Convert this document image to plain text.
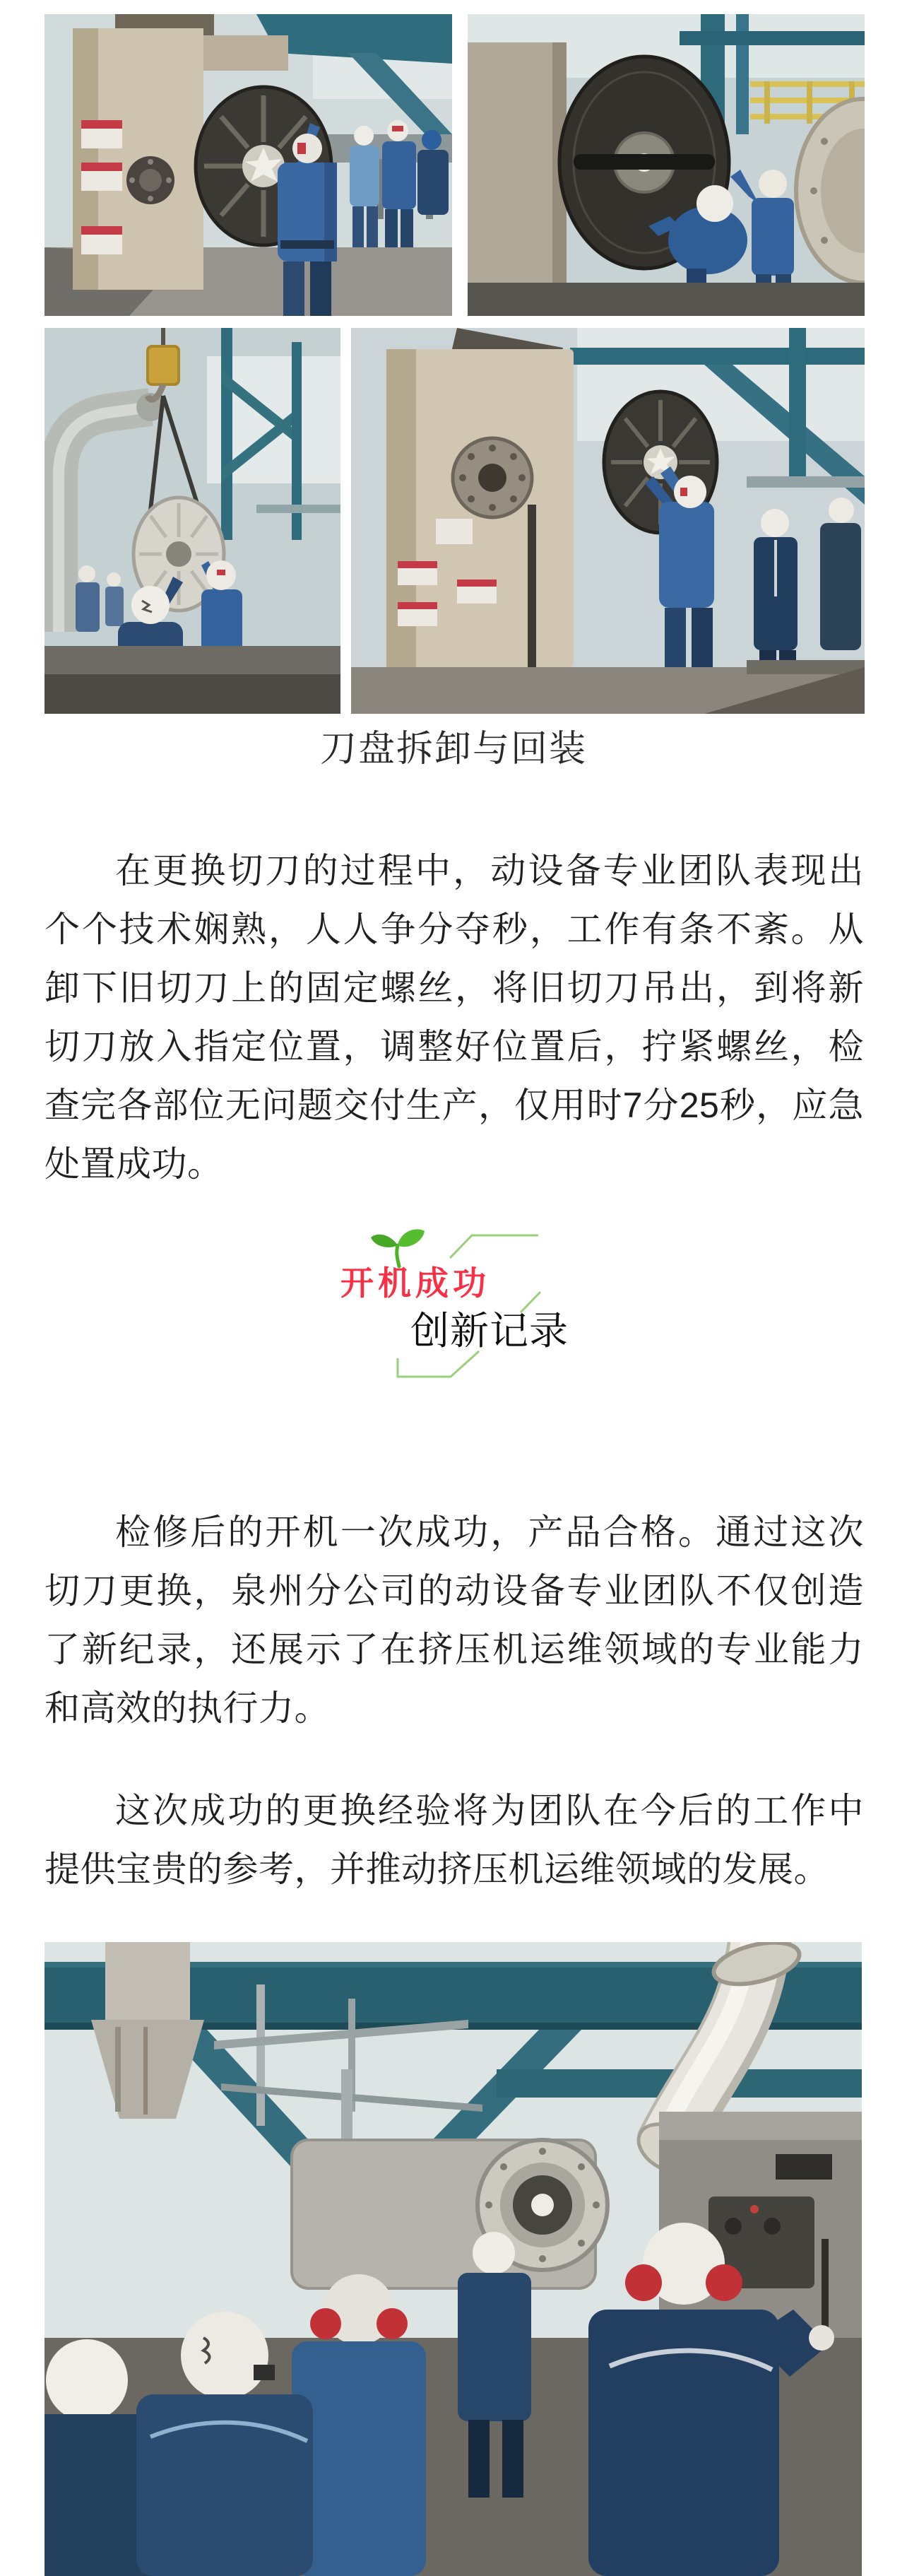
刀盘拆卸与回装

在更换切刀的过程中，动设备专业团队表现出个个技术娴熟，人人争分夺秒，工作有条不紊。从卸下旧切刀上的固定螺丝，将旧切刀吊出，到将新切刀放入指定位置，调整好位置后，拧紧螺丝，检查完各部位无问题交付生产，仅用时7分25秒，应急处置成功。

开机成功
创新记录

检修后的开机一次成功，产品合格。通过这次切刀更换，泉州分公司的动设备专业团队不仅创造了新纪录，还展示了在挤压机运维领域的专业能力和高效的执行力。

这次成功的更换经验将为团队在今后的工作中提供宝贵的参考，并推动挤压机运维领域的发展。
